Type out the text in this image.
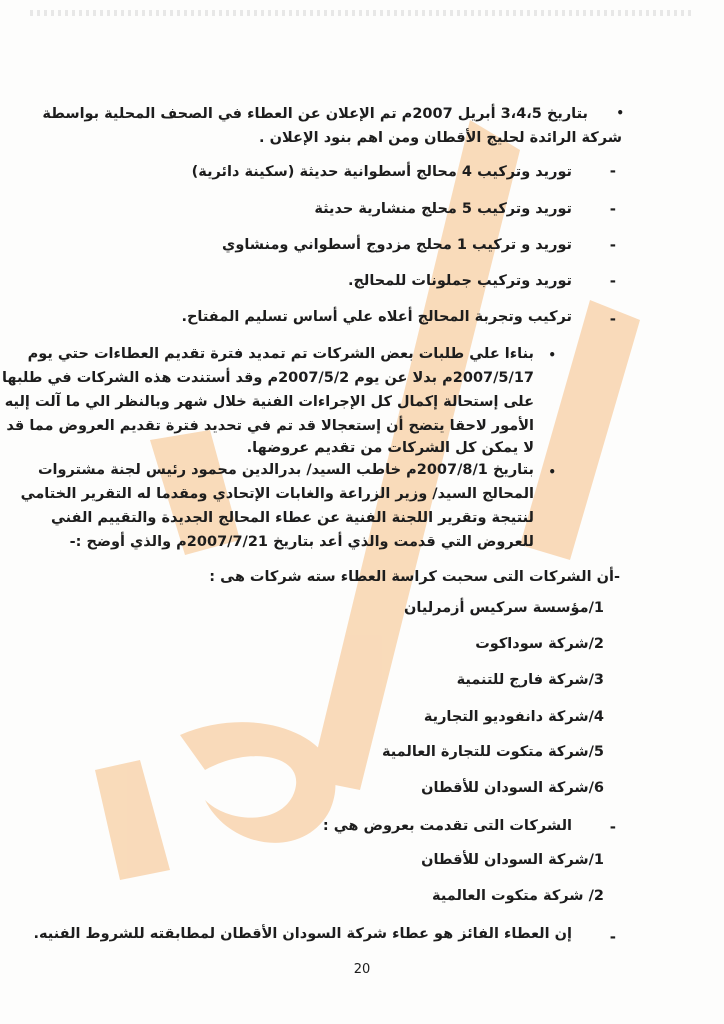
•
بتاريخ 3،4،5 أبريل 2007م تم الإعلان عن العطاء في الصحف المحلية بواسطة
شركة الرائدة لحليج الأقطان ومن اهم بنود الإعلان .
-
توريد وتركيب 4 محالج أسطوانية حديثة (سكينة دائرية)
-
توريد وتركيب 5 محلج منشارية حديثة
-
توريد و تركيب 1 محلج مزدوج أسطواني ومنشاوي
-
توريد وتركيب جملونات للمحالج.
-
تركيب وتجربة المحالج أعلاه علي أساس تسليم المفتاح.
•
بناءا علي طلبات بعض الشركات تم تمديد فترة تقديم العطاءات حتي يوم
2007/5/17م بدلا عن يوم 2007/5/2م وقد أستندت هذه الشركات في طلبها
على إستحالة إكمال كل الإجراءات الفنية خلال شهر وبالنظر الي ما آلت إليه
الأمور لاحقا يتضح أن إستعجالا قد تم في تحديد فترة تقديم العروض مما قد
لا يمكن كل الشركات من تقديم عروضها.
•
بتاريخ 2007/8/1م خاطب السيد/ بدرالدين محمود رئيس لجنة مشتروات
المحالج السيد/ وزير الزراعة والغابات الإتحادي ومقدما له التقرير الختامي
لنتيجة وتقرير اللجنة الفنية عن عطاء المحالج الجديدة والتقييم الفني
للعروض التي قدمت والذي أعد بتاريخ 2007/7/21م والذي أوضح :-
-أن الشركات التى سحبت كراسة العطاء سته شركات هى :
1/مؤسسة سركيس أزمرليان
2/شركة سوداكوت
3/شركة فارج للتنمية
4/شركة دانفوديو التجارية
5/شركة متكوت للتجارة العالمية
6/شركة السودان للأقطان
-
الشركات التى تقدمت بعروض هي :
1/شركة السودان للأقطان
2/ شركة متكوت العالمية
-
إن العطاء الفائز هو عطاء شركة السودان الأقطان لمطابقته للشروط الفنيه.
20
